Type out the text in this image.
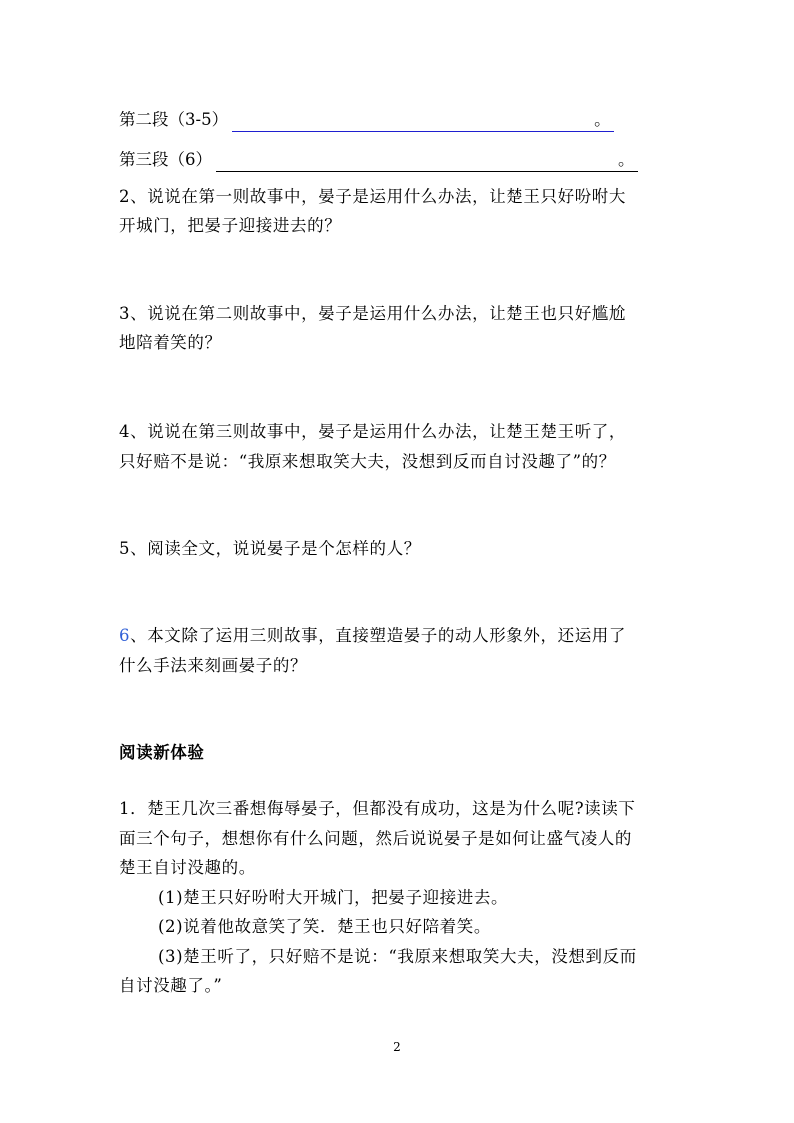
第二段（3-5）	。
第三段（6）	。
2、说说在第一则故事中，晏子是运用什么办法，让楚王只好吩咐大
开城门，把晏子迎接进去的？
3、说说在第二则故事中，晏子是运用什么办法，让楚王也只好尴尬
地陪着笑的？
4、说说在第三则故事中，晏子是运用什么办法，让楚王楚王听了，
只好赔不是说：“我原来想取笑大夫，没想到反而自讨没趣了”的？
5、阅读全文，说说晏子是个怎样的人？
6、本文除了运用三则故事，直接塑造晏子的动人形象外，还运用了
什么手法来刻画晏子的？
阅读新体验
1．楚王几次三番想侮辱晏子，但都没有成功，这是为什么呢?读读下
面三个句子，想想你有什么问题，然后说说晏子是如何让盛气凌人的
楚王自讨没趣的。
(1)楚王只好吩咐大开城门，把晏子迎接进去。
(2)说着他故意笑了笑．楚王也只好陪着笑。
(3)楚王听了，只好赔不是说：“我原来想取笑大夫，没想到反而
自讨没趣了。”
2
